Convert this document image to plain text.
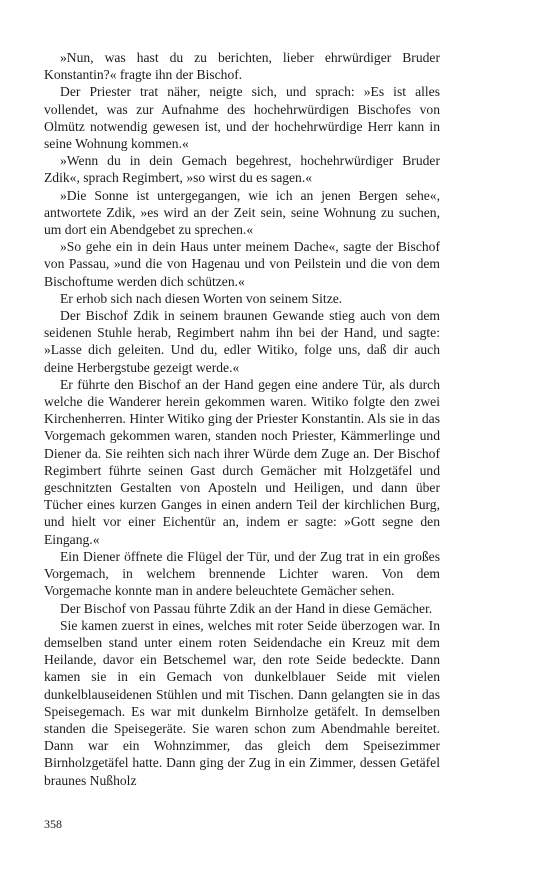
»Nun, was hast du zu berichten, lieber ehrwürdiger Bruder Konstantin?« fragte ihn der Bischof.

Der Priester trat näher, neigte sich, und sprach: »Es ist alles vollendet, was zur Aufnahme des hochehrwürdigen Bischofes von Olmütz notwendig gewesen ist, und der hochehrwürdige Herr kann in seine Wohnung kommen.«

»Wenn du in dein Gemach begehrest, hochehrwürdiger Bruder Zdik«, sprach Regimbert, »so wirst du es sagen.«

»Die Sonne ist untergegangen, wie ich an jenen Bergen sehe«, antwortete Zdik, »es wird an der Zeit sein, seine Wohnung zu suchen, um dort ein Abendgebet zu sprechen.«

»So gehe ein in dein Haus unter meinem Dache«, sagte der Bischof von Passau, »und die von Hagenau und von Peilstein und die von dem Bischoftume werden dich schützen.«

Er erhob sich nach diesen Worten von seinem Sitze.

Der Bischof Zdik in seinem braunen Gewande stieg auch von dem seidenen Stuhle herab, Regimbert nahm ihn bei der Hand, und sagte: »Lasse dich geleiten. Und du, edler Witiko, folge uns, daß dir auch deine Herbergstube gezeigt werde.«

Er führte den Bischof an der Hand gegen eine andere Tür, als durch welche die Wanderer herein gekommen waren. Witiko folgte den zwei Kirchenherren. Hinter Witiko ging der Priester Konstantin. Als sie in das Vorgemach gekommen waren, standen noch Priester, Kämmerlinge und Diener da. Sie reihten sich nach ihrer Würde dem Zuge an. Der Bischof Regimbert führte seinen Gast durch Gemächer mit Holzgetäfel und geschnitzten Gestalten von Aposteln und Heiligen, und dann über Tücher eines kurzen Ganges in einen andern Teil der kirchlichen Burg, und hielt vor einer Eichentür an, indem er sagte: »Gott segne den Eingang.«

Ein Diener öffnete die Flügel der Tür, und der Zug trat in ein großes Vorgemach, in welchem brennende Lichter waren. Von dem Vorgemache konnte man in andere beleuchtete Gemächer sehen.

Der Bischof von Passau führte Zdik an der Hand in diese Gemächer.

Sie kamen zuerst in eines, welches mit roter Seide überzogen war. In demselben stand unter einem roten Seidendache ein Kreuz mit dem Heilande, davor ein Betschemel war, den rote Seide bedeckte. Dann kamen sie in ein Gemach von dunkelblauer Seide mit vielen dunkelblauseidenen Stühlen und mit Tischen. Dann gelangten sie in das Speisegemach. Es war mit dunkelm Birnholze getäfelt. In demselben standen die Speisegeräte. Sie waren schon zum Abendmahle bereitet. Dann war ein Wohnzimmer, das gleich dem Speisezimmer Birnholzgetäfel hatte. Dann ging der Zug in ein Zimmer, dessen Getäfel braunes Nußholz

358
